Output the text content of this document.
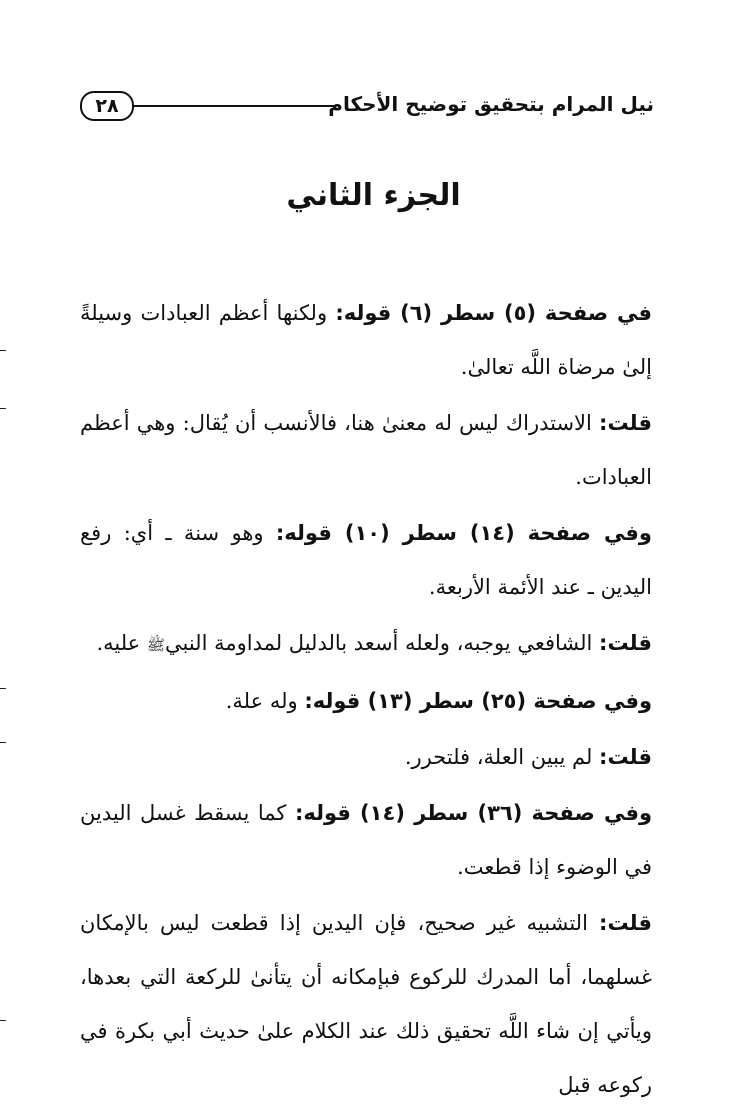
٢٨	نيل المرام بتحقيق توضيح الأحكام
الجزء الثاني

في صفحة (٥) سطر (٦) قوله: ولكنها أعظم العبادات وسيلةً إلىٰ مرضاة اللَّه تعالىٰ.

قلت: الاستدراك ليس له معنىٰ هنا، فالأنسب أن يُقال: وهي أعظم العبادات.

وفي صفحة (١٤) سطر (١٠) قوله: وهو سنة ـ أي: رفع اليدين ـ عند الأئمة الأربعة.

قلت: الشافعي يوجبه، ولعله أسعد بالدليل لمداومة النبيﷺ عليه.

وفي صفحة (٢٥) سطر (١٣) قوله: وله علة.

قلت: لم يبين العلة، فلتحرر.

وفي صفحة (٣٦) سطر (١٤) قوله: كما يسقط غسل اليدين في الوضوء إذا قطعت.

قلت: التشبيه غير صحيح، فإن اليدين إذا قطعت ليس بالإمكان غسلهما، أما المدرك للركوع فبإمكانه أن يتأنىٰ للركعة التي بعدها، ويأتي إن شاء اللَّه تحقيق ذلك عند الكلام علىٰ حديث أبي بكرة في ركوعه قبل
